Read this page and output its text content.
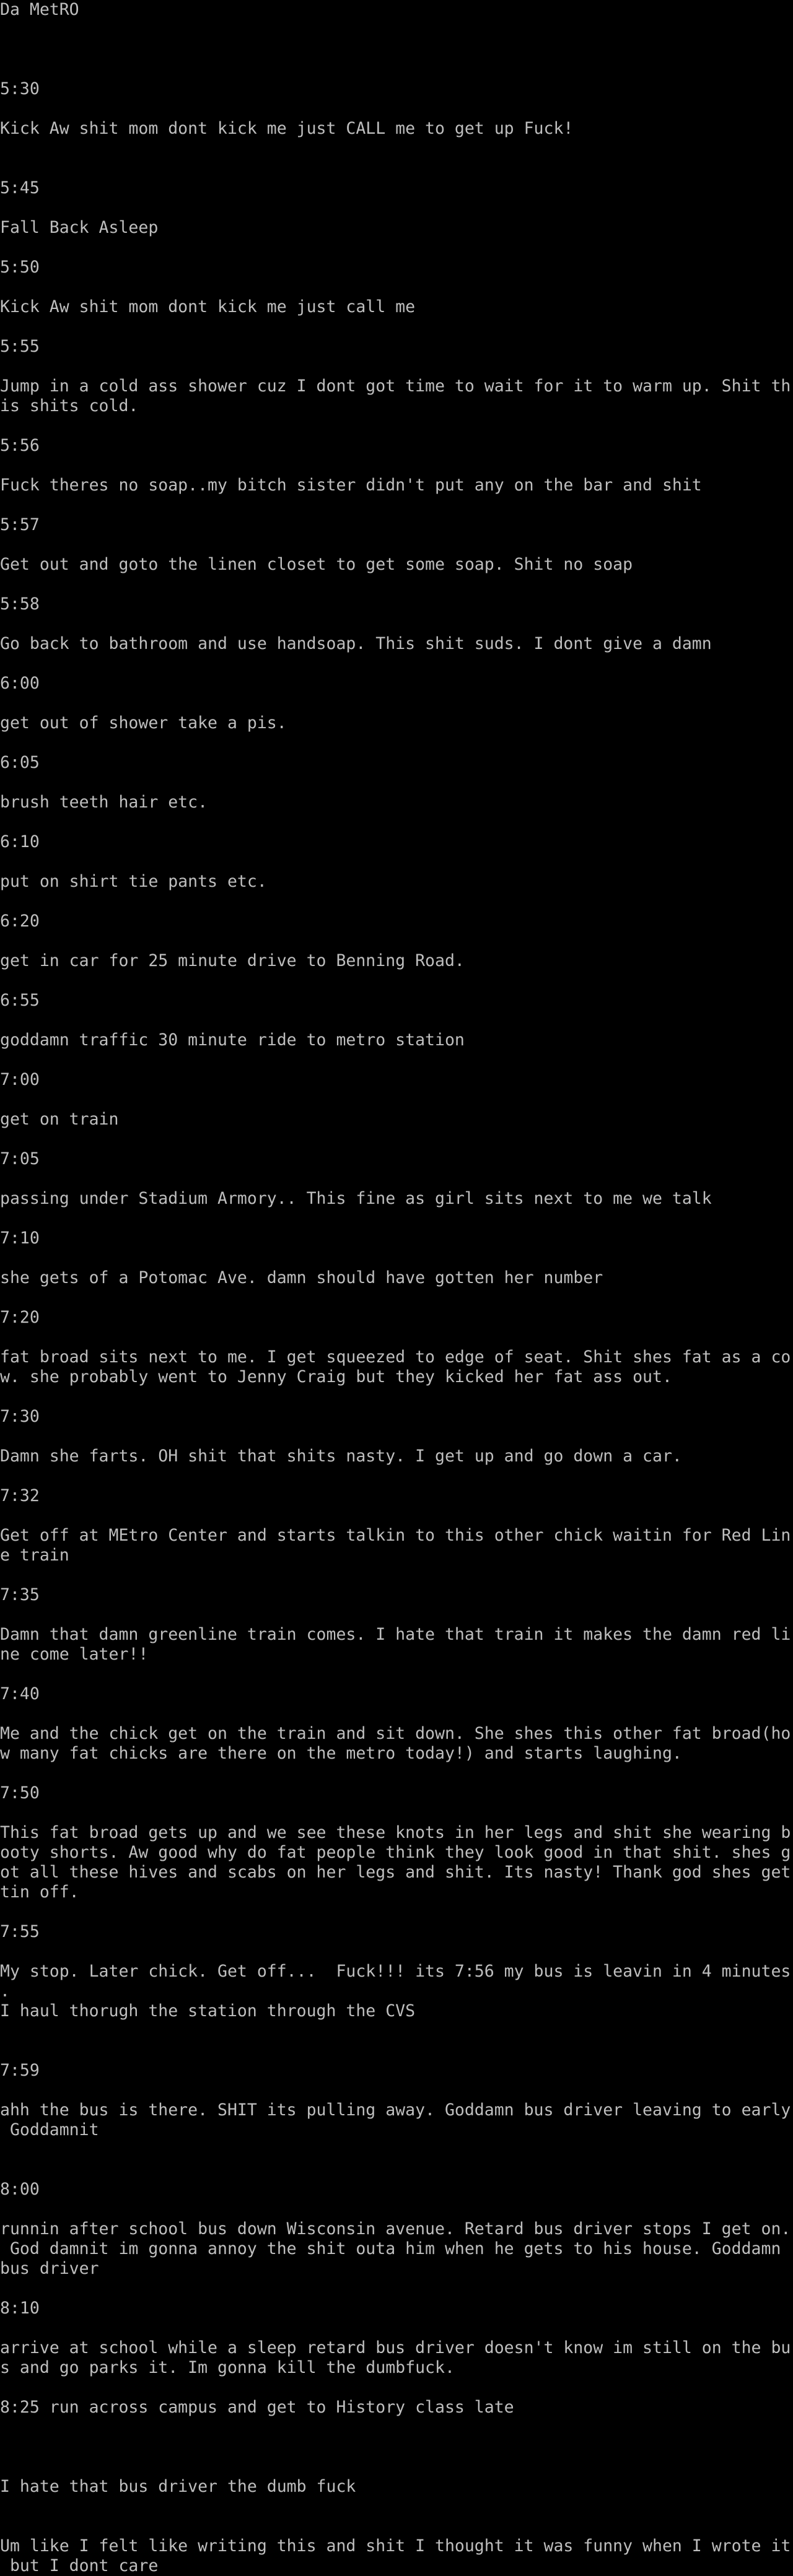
Da MetRO
5:30
Kick Aw shit mom dont kick me just CALL me to get up Fuck!
5:45
Fall Back Asleep
5:50
Kick Aw shit mom dont kick me just call me
5:55
Jump in a cold ass shower cuz I dont got time to wait for it to warm up. Shit th
is shits cold.
5:56
Fuck theres no soap..my bitch sister didn't put any on the bar and shit
5:57
Get out and goto the linen closet to get some soap. Shit no soap
5:58
Go back to bathroom and use handsoap. This shit suds. I dont give a damn
6:00
get out of shower take a pis.
6:05
brush teeth hair etc.
6:10
put on shirt tie pants etc.
6:20
get in car for 25 minute drive to Benning Road.
6:55
goddamn traffic 30 minute ride to metro station
7:00
get on train
7:05
passing under Stadium Armory.. This fine as girl sits next to me we talk
7:10
she gets of a Potomac Ave. damn should have gotten her number
7:20
fat broad sits next to me. I get squeezed to edge of seat. Shit shes fat as a co
w. she probably went to Jenny Craig but they kicked her fat ass out.
7:30
Damn she farts. OH shit that shits nasty. I get up and go down a car.
7:32
Get off at MEtro Center and starts talkin to this other chick waitin for Red Lin
e train
7:35
Damn that damn greenline train comes. I hate that train it makes the damn red li
ne come later!!
7:40
Me and the chick get on the train and sit down. She shes this other fat broad(ho
w many fat chicks are there on the metro today!) and starts laughing.
7:50
This fat broad gets up and we see these knots in her legs and shit she wearing b
ooty shorts. Aw good why do fat people think they look good in that shit. shes g
ot all these hives and scabs on her legs and shit. Its nasty! Thank god shes get
tin off.
7:55
My stop. Later chick. Get off...  Fuck!!! its 7:56 my bus is leavin in 4 minutes
.
I haul thorugh the station through the CVS
7:59
ahh the bus is there. SHIT its pulling away. Goddamn bus driver leaving to early
Goddamnit
8:00
runnin after school bus down Wisconsin avenue. Retard bus driver stops I get on.
God damnit im gonna annoy the shit outa him when he gets to his house. Goddamn
bus driver
8:10
arrive at school while a sleep retard bus driver doesn't know im still on the bu
s and go parks it. Im gonna kill the dumbfuck.
8:25 run across campus and get to History class late
I hate that bus driver the dumb fuck
Um like I felt like writing this and shit I thought it was funny when I wrote it
but I dont care
